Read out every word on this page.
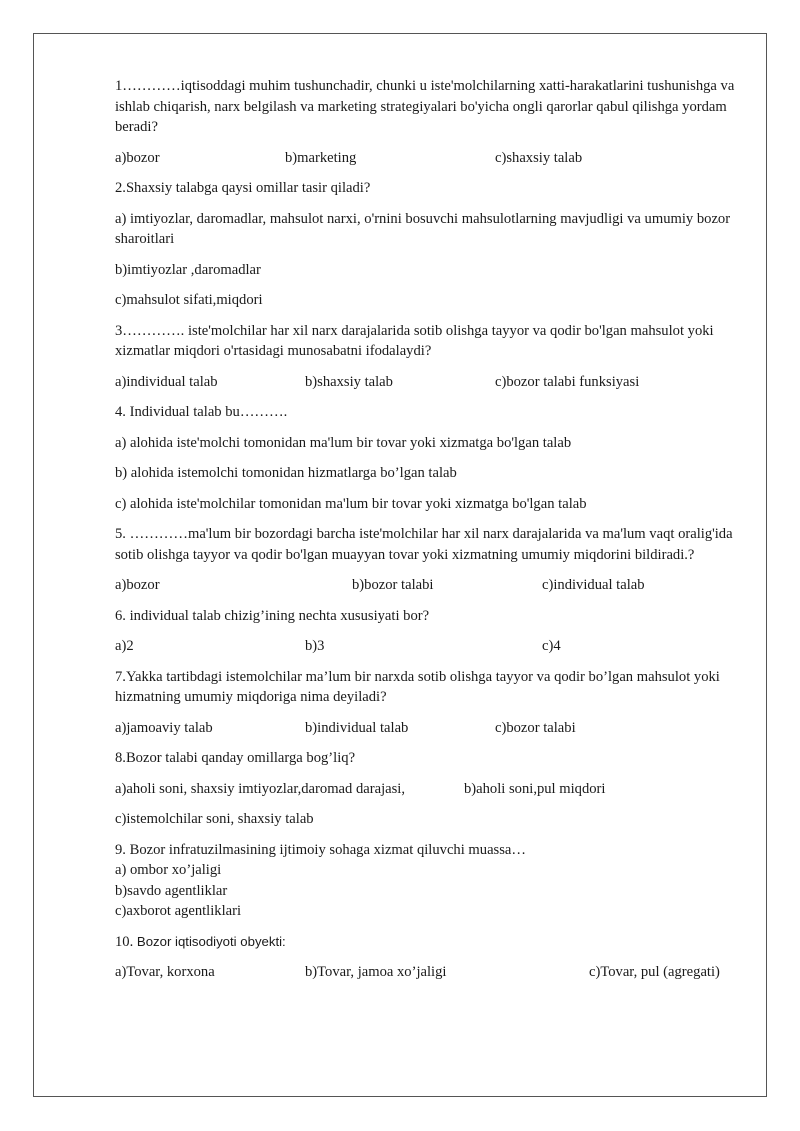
1…………iqtisoddagi muhim tushunchadir, chunki u iste'molchilarning xatti-harakatlarini tushunishga va ishlab chiqarish, narx belgilash va marketing strategiyalari bo'yicha ongli qarorlar qabul qilishga yordam beradi?

a)bozor	b)marketing	c)shaxsiy talab

2.Shaxsiy talabga qaysi omillar tasir qiladi?

a) imtiyozlar, daromadlar, mahsulot narxi, o'rnini bosuvchi mahsulotlarning mavjudligi va umumiy bozor sharoitlari

b)imtiyozlar ,daromadlar

c)mahsulot sifati,miqdori

3…………. iste'molchilar har xil narx darajalarida sotib olishga tayyor va qodir bo'lgan mahsulot yoki xizmatlar miqdori o'rtasidagi munosabatni ifodalaydi?

a)individual talab	b)shaxsiy talab	c)bozor talabi funksiyasi

4. Individual talab bu……….

a) alohida iste'molchi tomonidan ma'lum bir tovar yoki xizmatga bo'lgan talab

b) alohida istemolchi tomonidan hizmatlarga bo’lgan talab

c) alohida iste'molchilar tomonidan ma'lum bir tovar yoki xizmatga bo'lgan talab

5. …………ma'lum bir bozordagi barcha iste'molchilar har xil narx darajalarida va ma'lum vaqt oralig'ida sotib olishga tayyor va qodir bo'lgan muayyan tovar yoki xizmatning umumiy miqdorini bildiradi.?

a)bozor	b)bozor talabi	c)individual talab

6. individual talab chizig’ining nechta xususiyati bor?

a)2	b)3	c)4

7.Yakka tartibdagi istemolchilar ma’lum bir narxda sotib olishga tayyor va qodir bo’lgan mahsulot yoki hizmatning umumiy miqdoriga nima deyiladi?

a)jamoaviy talab	b)individual talab	c)bozor talabi

8.Bozor talabi qanday omillarga bog’liq?

a)aholi soni, shaxsiy imtiyozlar,daromad darajasi,	b)aholi soni,pul miqdori

c)istemolchilar soni, shaxsiy talab

9. Bozor infratuzilmasining ijtimoiy sohaga xizmat qiluvchi muassa…

a) ombor xo’jaligi

b)savdo agentliklar

c)axborot agentliklari

10. Bozor iqtisodiyoti obyekti:

a)Tovar, korxona	b)Tovar, jamoa xo’jaligi	c)Tovar, pul (agregati)
